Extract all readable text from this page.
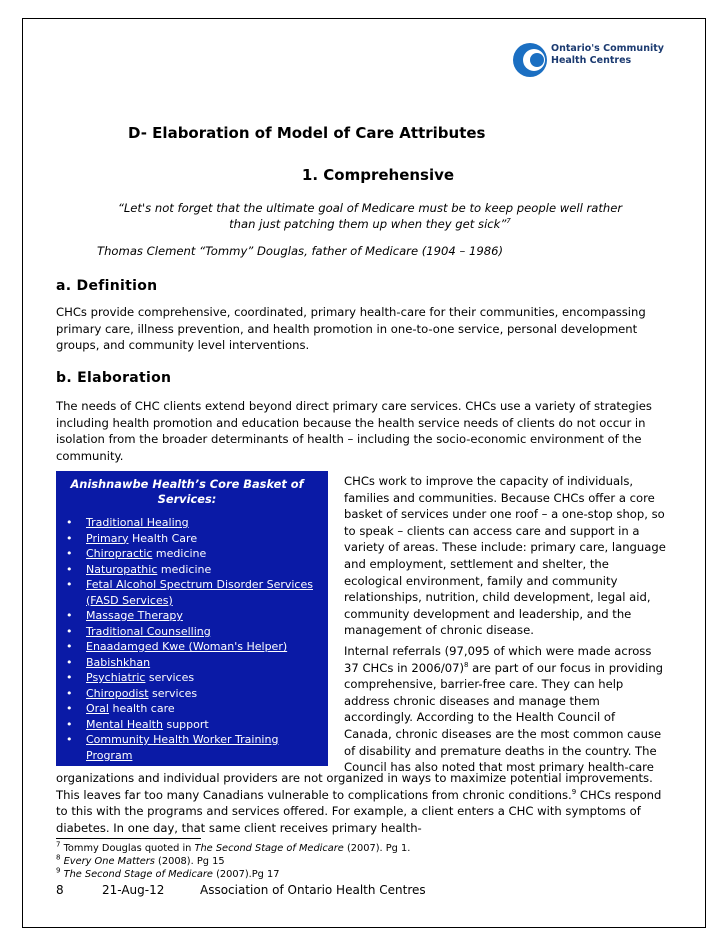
Ontario's Community
Health Centres
D- Elaboration of Model of Care Attributes
1. Comprehensive
“Let's not forget that the ultimate goal of Medicare must be to keep people well rather than just patching them up when they get sick”$^7$
Thomas Clement “Tommy” Douglas, father of Medicare (1904 – 1986)
a. Definition
CHCs provide comprehensive, coordinated, primary health-care for their communities, encompassing primary care, illness prevention, and health promotion in one-to-one service, personal development groups, and community level interventions.
b. Elaboration
The needs of CHC clients extend beyond direct primary care services. CHCs use a variety of strategies including health promotion and education because the health service needs of clients do not occur in isolation from the broader determinants of health – including the socio-economic environment of the community.
Anishnawbe Health’s Core Basket of Services:
• Traditional Healing
• Primary Health Care
• Chiropractic medicine
• Naturopathic medicine
• Fetal Alcohol Spectrum Disorder Services (FASD Services)
• Massage Therapy
• Traditional Counselling
• Enaadamged Kwe (Woman's Helper)
• Babishkhan
• Psychiatric services
• Chiropodist services
• Oral health care
• Mental Health support
• Community Health Worker Training Program
CHCs work to improve the capacity of individuals, families and communities. Because CHCs offer a core basket of services under one roof – a one-stop shop, so to speak – clients can access care and support in a variety of areas. These include: primary care, language and employment, settlement and shelter, the ecological environment, family and community relationships, nutrition, child development, legal aid, community development and leadership, and the management of chronic disease.
Internal referrals (97,095 of which were made across 37 CHCs in 2006/07)$^8$ are part of our focus in providing comprehensive, barrier-free care. They can help address chronic diseases and manage them accordingly. According to the Health Council of Canada, chronic diseases are the most common cause of disability and premature deaths in the country. The Council has also noted that most primary health-care
organizations and individual providers are not organized in ways to maximize potential improvements. This leaves far too many Canadians vulnerable to complications from chronic conditions.$^9$ CHCs respond to this with the programs and services offered. For example, a client enters a CHC with symptoms of diabetes. In one day, that same client receives primary health-
$^7$ Tommy Douglas quoted in The Second Stage of Medicare (2007). Pg 1.
$^8$ Every One Matters (2008). Pg 15
$^9$ The Second Stage of Medicare (2007).Pg 17
8	21-Aug-12	Association of Ontario Health Centres
